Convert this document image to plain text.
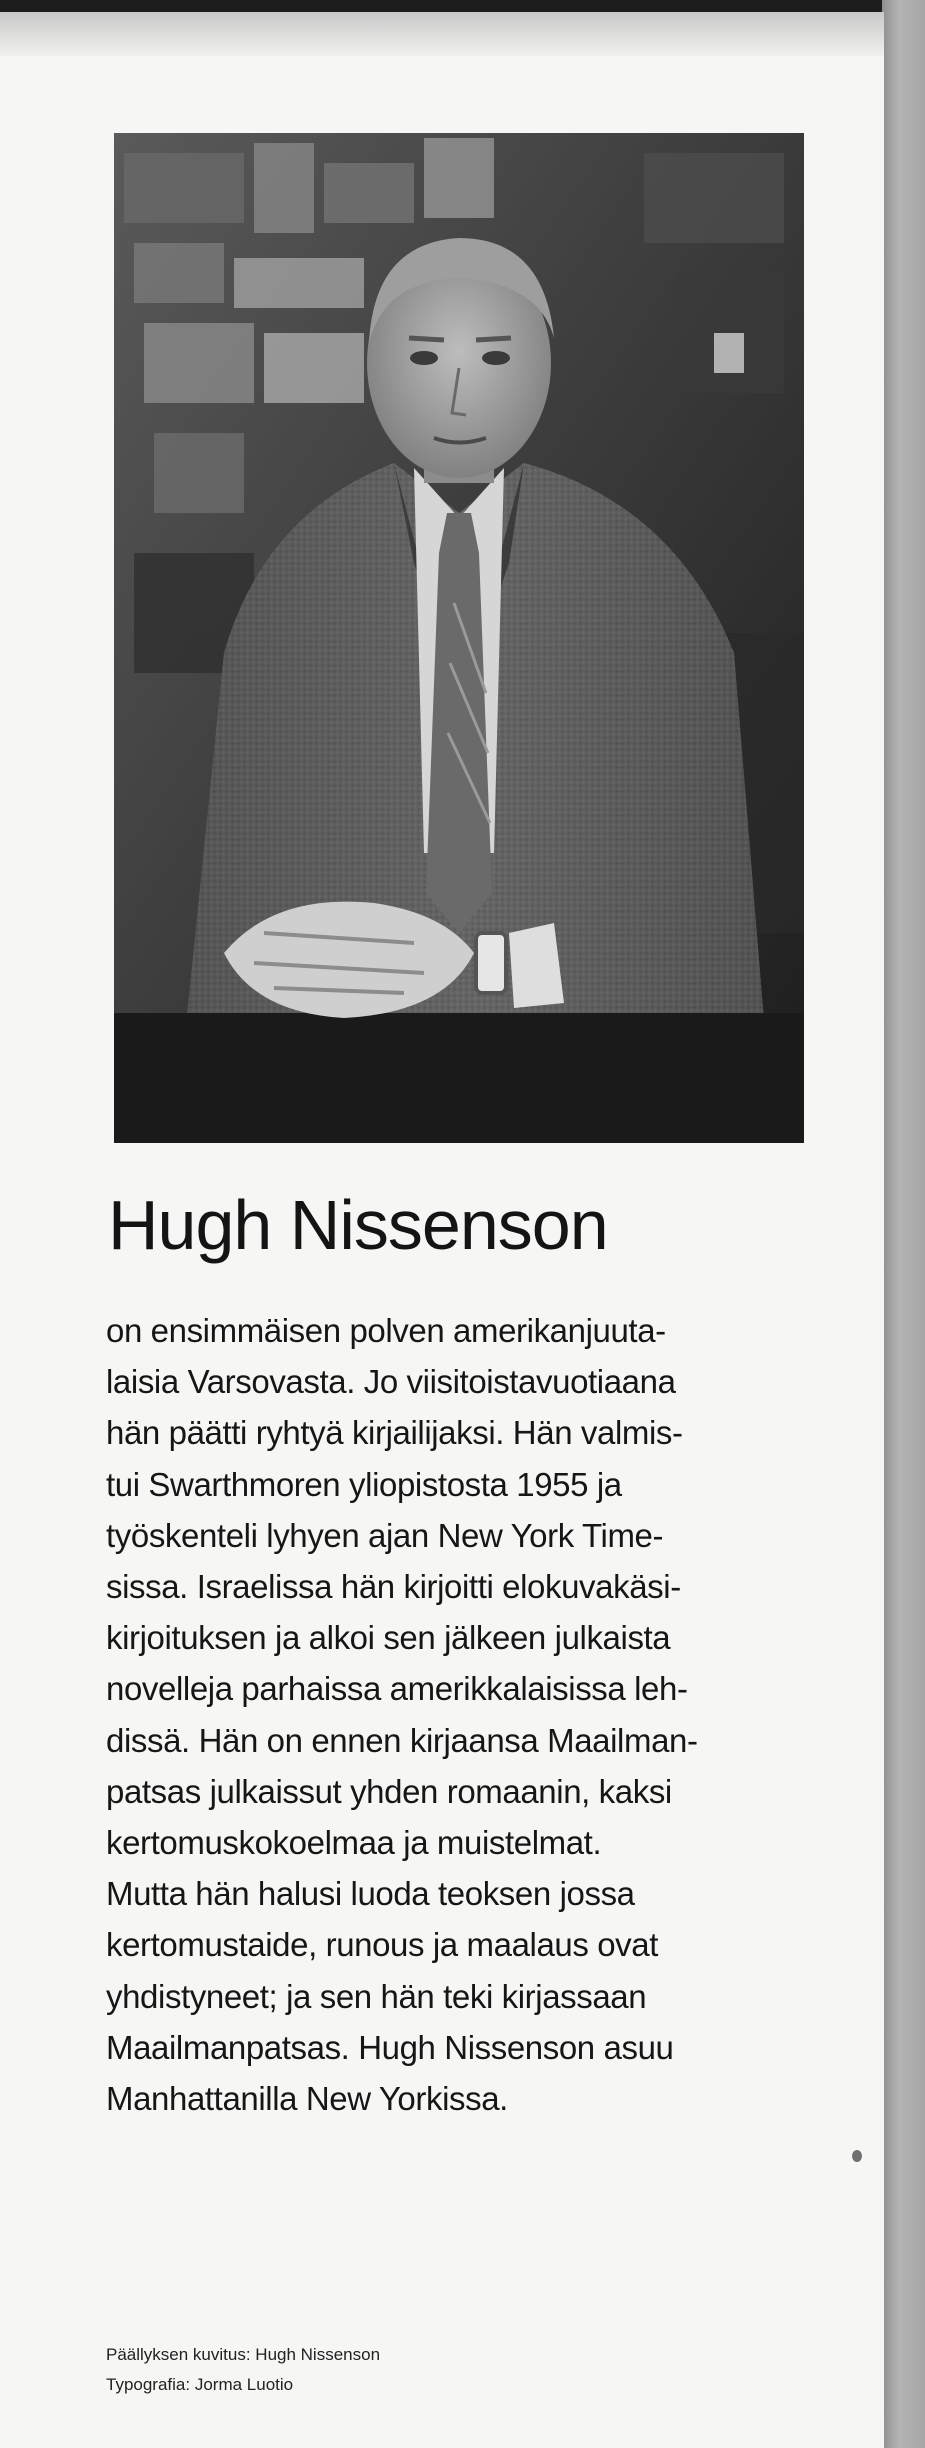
Hugh Nissenson

on ensimmäisen polven amerikanjuuta-
laisia Varsovasta. Jo viisitoistavuotiaana
hän päätti ryhtyä kirjailijaksi. Hän valmis-
tui Swarthmoren yliopistosta 1955 ja
työskenteli lyhyen ajan New York Time-
sissa. Israelissa hän kirjoitti elokuvakäsi-
kirjoituksen ja alkoi sen jälkeen julkaista
novelleja parhaissa amerikkalaisissa leh-
dissä. Hän on ennen kirjaansa Maailman-
patsas julkaissut yhden romaanin, kaksi
kertomuskokoelmaa ja muistelmat.
Mutta hän halusi luoda teoksen jossa
kertomustaide, runous ja maalaus ovat
yhdistyneet; ja sen hän teki kirjassaan
Maailmanpatsas. Hugh Nissenson asuu
Manhattanilla New Yorkissa.

Päällyksen kuvitus: Hugh Nissenson
Typografia: Jorma Luotio
